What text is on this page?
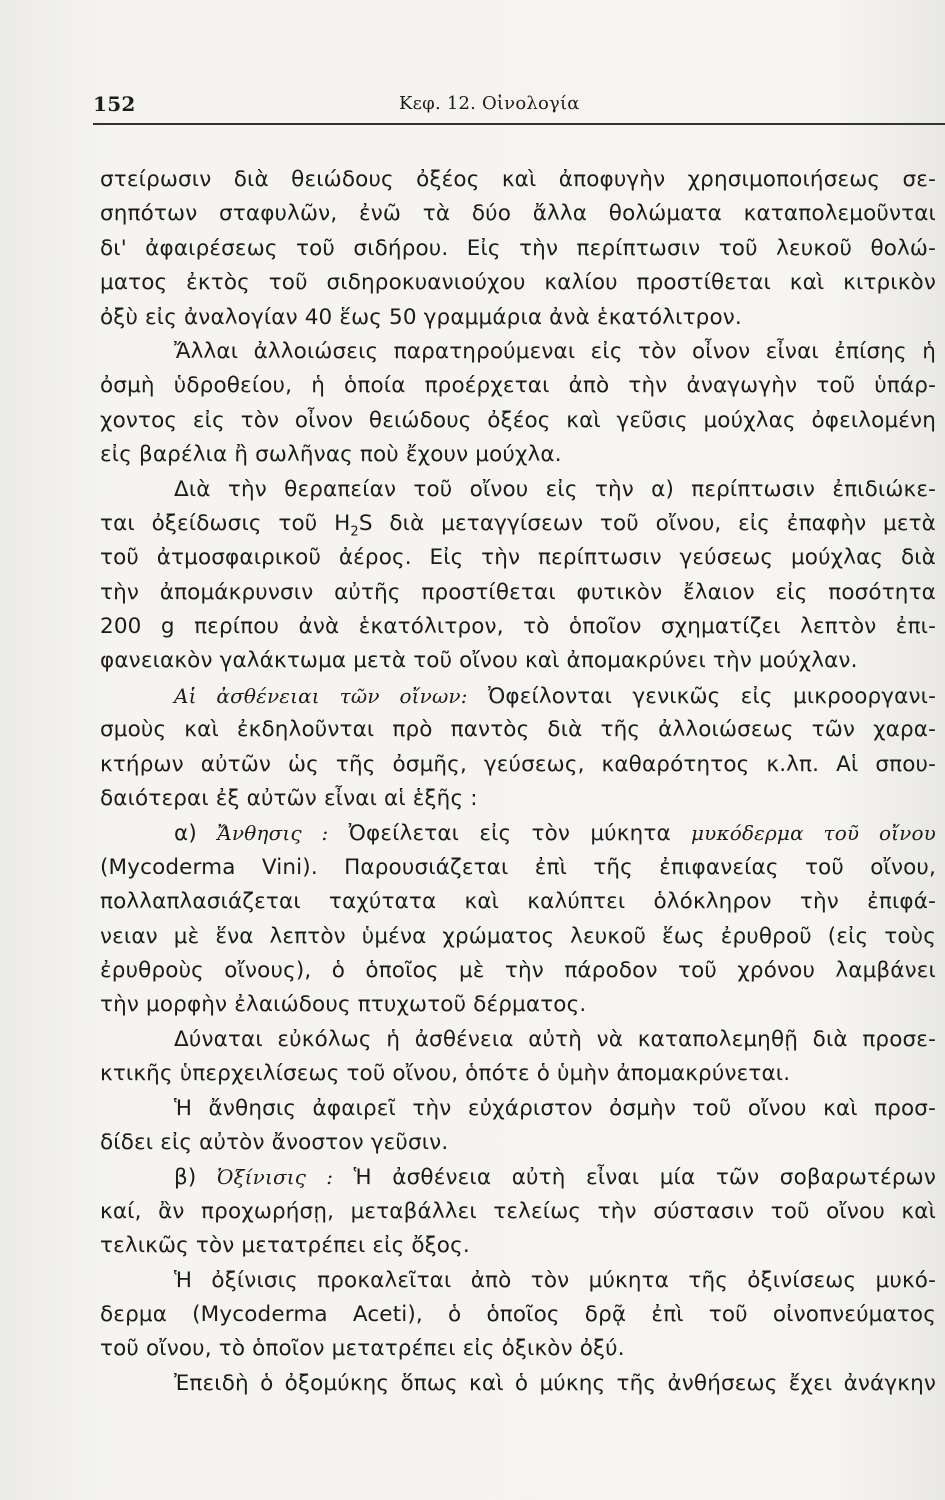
152	Κεφ. 12. Οἰνολογία
στείρωσιν διὰ θειώδους ὀξέος καὶ ἀποφυγὴν χρησιμοποιήσεως σε-
σηπότων σταφυλῶν, ἐνῶ τὰ δύο ἄλλα θολώματα καταπολεμοῦνται
δι' ἀφαιρέσεως τοῦ σιδήρου. Εἰς τὴν περίπτωσιν τοῦ λευκοῦ θολώ-
ματος ἐκτὸς τοῦ σιδηροκυανιούχου καλίου προστίθεται καὶ κιτρικὸν
ὀξὺ εἰς ἀναλογίαν 40 ἕως 50 γραμμάρια ἀνὰ ἑκατόλιτρον.
Ἄλλαι ἀλλοιώσεις παρατηρούμεναι εἰς τὸν οἶνον εἶναι ἐπίσης ἡ
ὀσμὴ ὑδροθείου, ἡ ὁποία προέρχεται ἀπὸ τὴν ἀναγωγὴν τοῦ ὑπάρ-
χοντος εἰς τὸν οἶνον θειώδους ὀξέος καὶ γεῦσις μούχλας ὀφειλομένη
εἰς βαρέλια ἢ σωλῆνας ποὺ ἔχουν μούχλα.
Διὰ τὴν θεραπείαν τοῦ οἴνου εἰς τὴν α) περίπτωσιν ἐπιδιώκε-
ται ὀξείδωσις τοῦ $H_2S$ διὰ μεταγγίσεων τοῦ οἴνου, εἰς ἐπαφὴν μετὰ
τοῦ ἀτμοσφαιρικοῦ ἀέρος. Εἰς τὴν περίπτωσιν γεύσεως μούχλας διὰ
τὴν ἀπομάκρυνσιν αὐτῆς προστίθεται φυτικὸν ἔλαιον εἰς ποσότητα
200 g περίπου ἀνὰ ἑκατόλιτρον, τὸ ὁποῖον σχηματίζει λεπτὸν ἐπι-
φανειακὸν γαλάκτωμα μετὰ τοῦ οἴνου καὶ ἀπομακρύνει τὴν μούχλαν.
Αἱ ἀσθένειαι τῶν οἴνων: Ὀφείλονται γενικῶς εἰς μικροοργανι-
σμοὺς καὶ ἐκδηλοῦνται πρὸ παντὸς διὰ τῆς ἀλλοιώσεως τῶν χαρα-
κτήρων αὐτῶν ὡς τῆς ὀσμῆς, γεύσεως, καθαρότητος κ.λπ. Αἱ σπου-
δαιότεραι ἐξ αὐτῶν εἶναι αἱ ἑξῆς :
α) Ἄνθησις : Ὀφείλεται εἰς τὸν μύκητα μυκόδερμα τοῦ οἴνου
(Mycoderma Vini). Παρουσιάζεται ἐπὶ τῆς ἐπιφανείας τοῦ οἴνου,
πολλαπλασιάζεται ταχύτατα καὶ καλύπτει ὁλόκληρον τὴν ἐπιφά-
νειαν μὲ ἕνα λεπτὸν ὑμένα χρώματος λευκοῦ ἕως ἐρυθροῦ (εἰς τοὺς
ἐρυθροὺς οἴνους), ὁ ὁποῖος μὲ τὴν πάροδον τοῦ χρόνου λαμβάνει
τὴν μορφὴν ἐλαιώδους πτυχωτοῦ δέρματος.
Δύναται εὐκόλως ἡ ἀσθένεια αὐτὴ νὰ καταπολεμηθῇ διὰ προσε-
κτικῆς ὑπερχειλίσεως τοῦ οἴνου, ὁπότε ὁ ὑμὴν ἀπομακρύνεται.
Ἡ ἄνθησις ἀφαιρεῖ τὴν εὐχάριστον ὀσμὴν τοῦ οἴνου καὶ προσ-
δίδει εἰς αὐτὸν ἄνοστον γεῦσιν.
β) Ὀξίνισις : Ἡ ἀσθένεια αὐτὴ εἶναι μία τῶν σοβαρωτέρων
καί, ἂν προχωρήσῃ, μεταβάλλει τελείως τὴν σύστασιν τοῦ οἴνου καὶ
τελικῶς τὸν μετατρέπει εἰς ὄξος.
Ἡ ὀξίνισις προκαλεῖται ἀπὸ τὸν μύκητα τῆς ὀξινίσεως μυκό-
δερμα (Mycoderma Aceti), ὁ ὁποῖος δρᾷ ἐπὶ τοῦ οἰνοπνεύματος
τοῦ οἴνου, τὸ ὁποῖον μετατρέπει εἰς ὀξικὸν ὀξύ.
Ἐπειδὴ ὁ ὀξομύκης ὅπως καὶ ὁ μύκης τῆς ἀνθήσεως ἔχει ἀνάγκην
